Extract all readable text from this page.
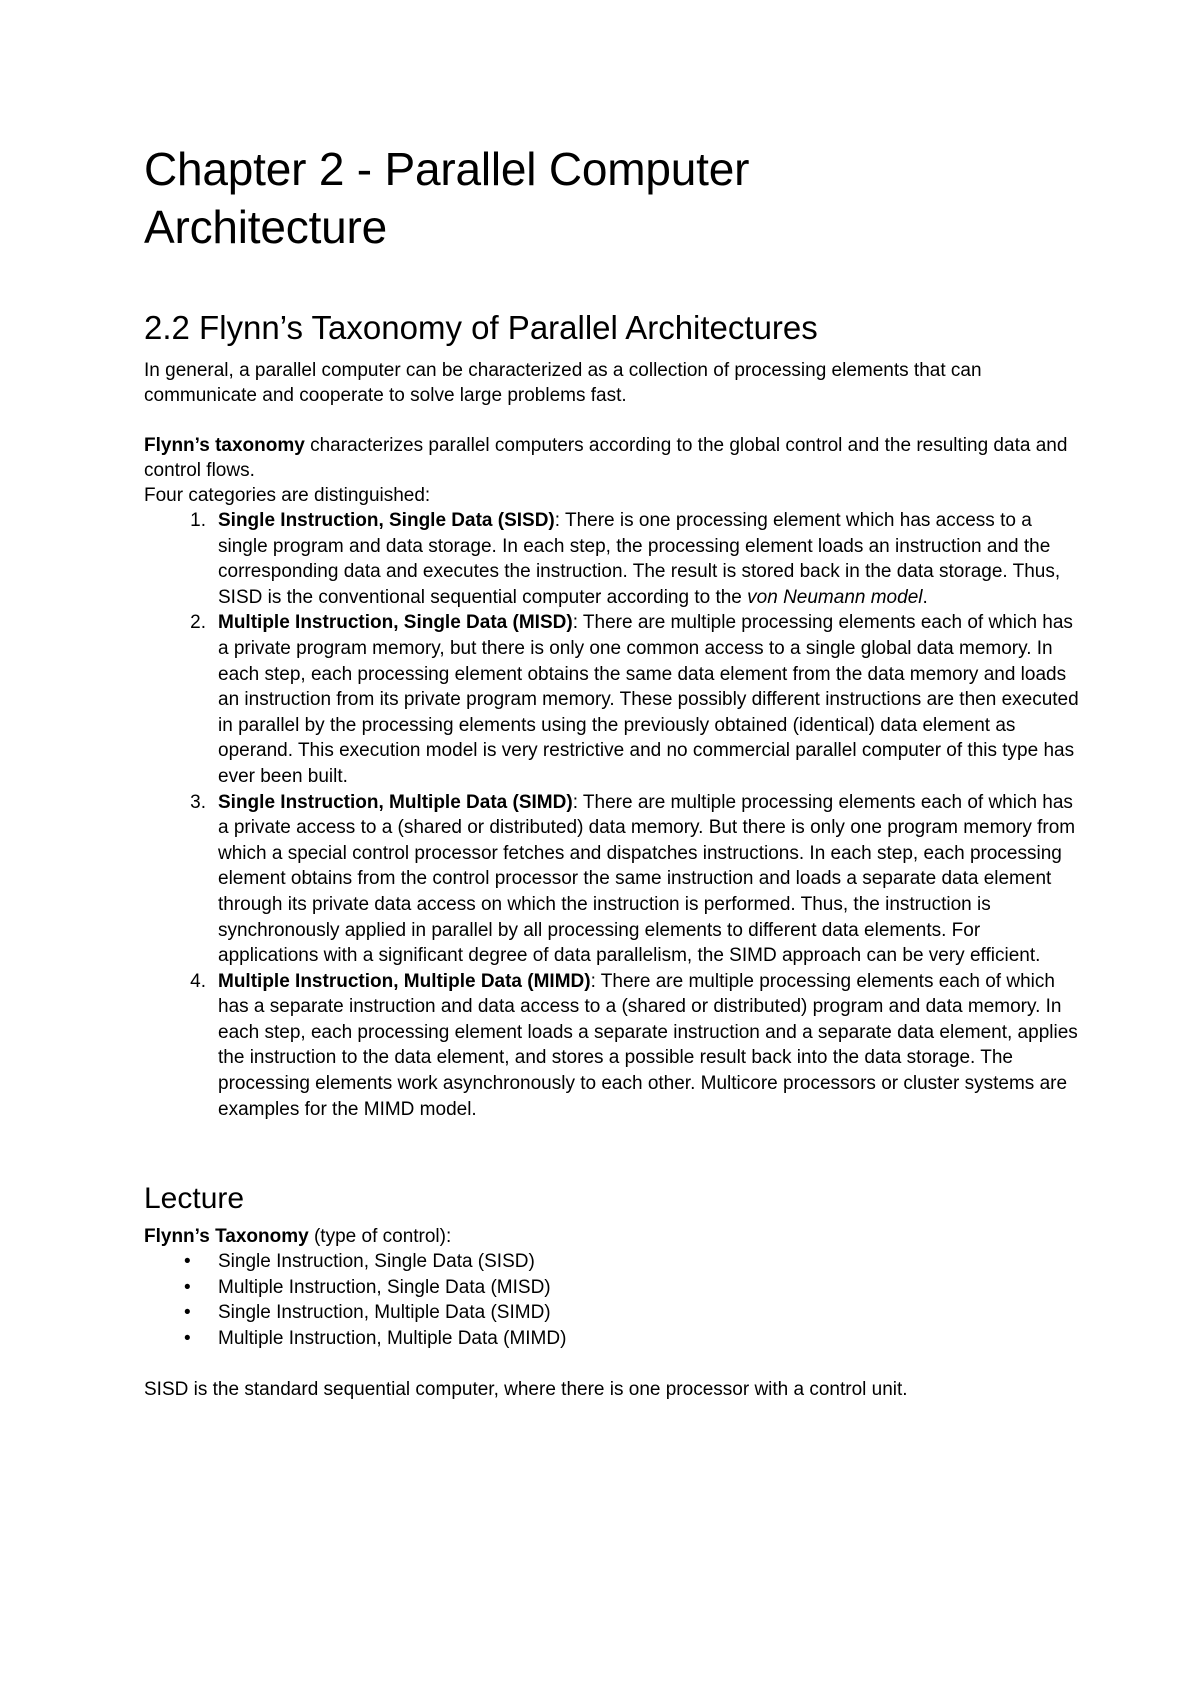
Chapter 2 - Parallel Computer
Architecture
2.2 Flynn’s Taxonomy of Parallel Architectures

In general, a parallel computer can be characterized as a collection of processing elements that can communicate and cooperate to solve large problems fast.

Flynn’s taxonomy characterizes parallel computers according to the global control and the resulting data and control flows.

Four categories are distinguished:

1. Single Instruction, Single Data (SISD): There is one processing element which has access to a single program and data storage. In each step, the processing element loads an instruction and the corresponding data and executes the instruction. The result is stored back in the data storage. Thus, SISD is the conventional sequential computer according to the von Neumann model.
2. Multiple Instruction, Single Data (MISD): There are multiple processing elements each of which has a private program memory, but there is only one common access to a single global data memory. In each step, each processing element obtains the same data element from the data memory and loads an instruction from its private program memory. These possibly different instructions are then executed in parallel by the processing elements using the previously obtained (identical) data element as operand. This execution model is very restrictive and no commercial parallel computer of this type has ever been built.
3. Single Instruction, Multiple Data (SIMD): There are multiple processing elements each of which has a private access to a (shared or distributed) data memory. But there is only one program memory from which a special control processor fetches and dispatches instructions. In each step, each processing element obtains from the control processor the same instruction and loads a separate data element through its private data access on which the instruction is performed. Thus, the instruction is synchronously applied in parallel by all processing elements to different data elements. For applications with a significant degree of data parallelism, the SIMD approach can be very efficient.
4. Multiple Instruction, Multiple Data (MIMD): There are multiple processing elements each of which has a separate instruction and data access to a (shared or distributed) program and data memory. In each step, each processing element loads a separate instruction and a separate data element, applies the instruction to the data element, and stores a possible result back into the data storage. The processing elements work asynchronously to each other. Multicore processors or cluster systems are examples for the MIMD model.
Lecture

Flynn’s Taxonomy (type of control):

• Single Instruction, Single Data (SISD)
• Multiple Instruction, Single Data (MISD)
• Single Instruction, Multiple Data (SIMD)
• Multiple Instruction, Multiple Data (MIMD)

SISD is the standard sequential computer, where there is one processor with a control unit.
